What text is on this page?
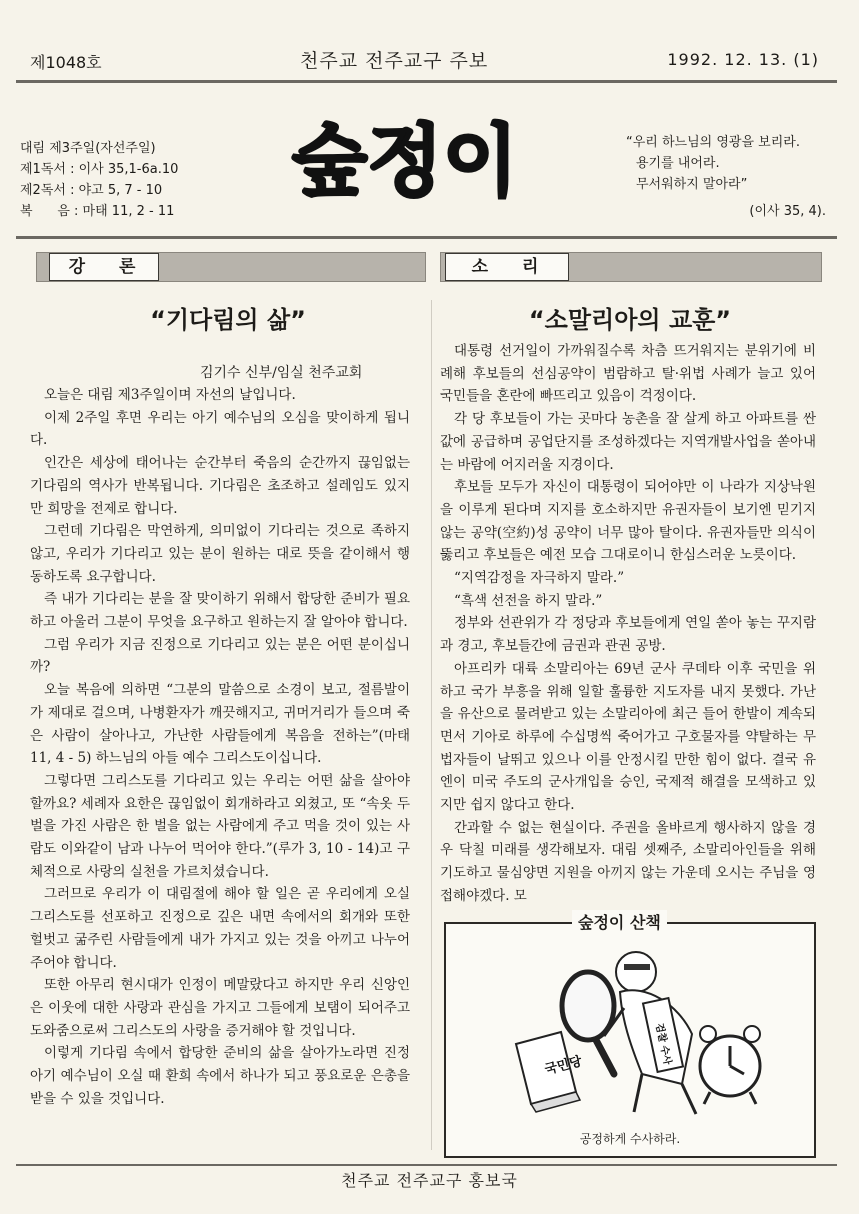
제1048호	천주교 전주교구 주보	1992. 12. 13. (1)
대림 제3주일(자선주일)
제1독서 : 이사 35,1-6a.10
제2독서 : 야고 5, 7 - 10
복      음 : 마태 11, 2 - 11
숲정이	“우리 하느님의 영광을 보리라.
용기를 내어라.
무서워하지 말아라”
(이사 35, 4).
강 론
“기다림의 삶”
김기수 신부/임실 천주교회

오늘은 대림 제3주일이며 자선의 날입니다.

이제 2주일 후면 우리는 아기 예수님의 오심을 맞이하게 됩니다.

인간은 세상에 태어나는 순간부터 죽음의 순간까지 끊임없는 기다림의 역사가 반복됩니다. 기다림은 초조하고 설레임도 있지만 희망을 전제로 합니다.

그런데 기다림은 막연하게, 의미없이 기다리는 것으로 족하지 않고, 우리가 기다리고 있는 분이 원하는 대로 뜻을 같이해서 행동하도록 요구합니다.

즉 내가 기다리는 분을 잘 맞이하기 위해서 합당한 준비가 필요하고 아울러 그분이 무엇을 요구하고 원하는지 잘 알아야 합니다.

그럼 우리가 지금 진정으로 기다리고 있는 분은 어떤 분이십니까?

오늘 복음에 의하면 “그분의 말씀으로 소경이 보고, 절름발이가 제대로 걸으며, 나병환자가 깨끗해지고, 귀머거리가 들으며 죽은 사람이 살아나고, 가난한 사람들에게 복음을 전하는”(마태 11, 4 - 5) 하느님의 아들 예수 그리스도이십니다.

그렇다면 그리스도를 기다리고 있는 우리는 어떤 삶을 살아야 할까요? 세례자 요한은 끊임없이 회개하라고 외쳤고, 또 “속옷 두 벌을 가진 사람은 한 벌을 없는 사람에게 주고 먹을 것이 있는 사람도 이와같이 남과 나누어 먹어야 한다.”(루가 3, 10 - 14)고 구체적으로 사랑의 실천을 가르치셨습니다.

그러므로 우리가 이 대림절에 해야 할 일은 곧 우리에게 오실 그리스도를 선포하고 진정으로 깊은 내면 속에서의 회개와 또한 헐벗고 굶주린 사람들에게 내가 가지고 있는 것을 아끼고 나누어주어야 합니다.

또한 아무리 현시대가 인정이 메말랐다고 하지만 우리 신앙인은 이웃에 대한 사랑과 관심을 가지고 그들에게 보탬이 되어주고 도와줌으로써 그리스도의 사랑을 증거해야 할 것입니다.

이렇게 기다림 속에서 합당한 준비의 삶을 살아가노라면 진정 아기 예수님이 오실 때 환희 속에서 하나가 되고 풍요로운 은총을 받을 수 있을 것입니다.

소 리
“소말리아의 교훈”

대통령 선거일이 가까워질수록 차츰 뜨거워지는 분위기에 비례해 후보들의 선심공약이 범람하고 탈·위법 사례가 늘고 있어 국민들을 혼란에 빠뜨리고 있음이 걱정이다.

각 당 후보들이 가는 곳마다 농촌을 잘 살게 하고 아파트를 싼값에 공급하며 공업단지를 조성하겠다는 지역개발사업을 쏟아내는 바람에 어지러울 지경이다.

후보들 모두가 자신이 대통령이 되어야만 이 나라가 지상낙원을 이루게 된다며 지지를 호소하지만 유권자들이 보기엔 믿기지 않는 공약(空約)성 공약이 너무 많아 탈이다. 유권자들만 의식이 뚫리고 후보들은 예전 모습 그대로이니 한심스러운 노릇이다.

“지역감정을 자극하지 말라.”

“흑색 선전을 하지 말라.”

정부와 선관위가 각 정당과 후보들에게 연일 쏟아 놓는 꾸지람과 경고, 후보들간에 금권과 관권 공방.

아프리카 대륙 소말리아는 69년 군사 쿠데타 이후 국민을 위하고 국가 부흥을 위해 일할 훌륭한 지도자를 내지 못했다. 가난을 유산으로 물려받고 있는 소말리아에 최근 들어 한발이 계속되면서 기아로 하루에 수십명씩 죽어가고 구호물자를 약탈하는 무법자들이 날뛰고 있으나 이를 안정시킬 만한 힘이 없다. 결국 유엔이 미국 주도의 군사개입을 승인, 국제적 해결을 모색하고 있지만 쉽지 않다고 한다.

간과할 수 없는 현실이다. 주권을 올바르게 행사하지 않을 경우 닥칠 미래를 생각해보자. 대림 셋째주, 소말리아인들을 위해 기도하고 물심양면 지원을 아끼지 않는 가운데 오시는 주님을 영접해야겠다. 모

숲정이 산책
국민당
검찰 수사
공정하게 수사하라.
천주교 전주교구 홍보국
